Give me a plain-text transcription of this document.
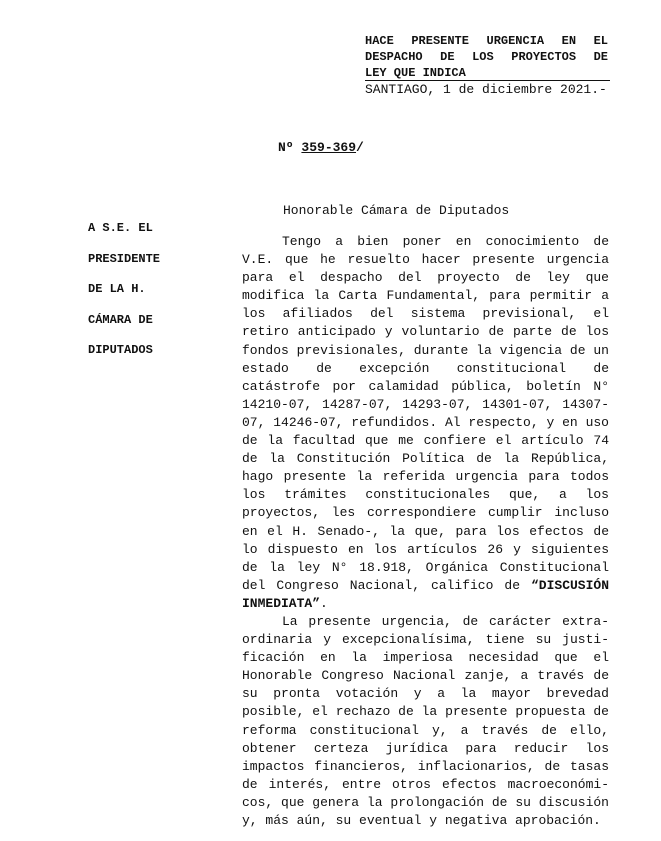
HACE PRESENTE URGENCIA EN EL
DESPACHO DE LOS PROYECTOS DE
LEY QUE INDICA
SANTIAGO, 1 de diciembre 2021.-
Nº 359-369/
Honorable Cámara de Diputados
A S.E. EL
PRESIDENTE
DE LA H.
CÁMARA DE
DIPUTADOS

Tengo a bien poner en conocimiento de V.E. que he resuelto hacer presente urgencia para el despacho del proyecto de ley que modifica la Carta Fundamental, para permitir a los afiliados del sistema previsional, el retiro anticipado y voluntario de parte de los fondos previsionales, durante la vigencia de un estado de excepción constitucional de catástrofe por calamidad pública, boletín N° 14210-07, 14287-07, 14293-07, 14301-07, 14307-07, 14246-07, refundidos. Al respecto, y en uso de la facultad que me confiere el artículo 74 de la Constitución Política de la República, hago presente la referida urgencia para todos los trámites constitucionales que, a los proyectos, les correspondiere cumplir incluso en el H. Senado-, la que, para los efectos de lo dispuesto en los artículos 26 y siguientes de la ley N° 18.918, Orgánica Constitucional del Congreso Nacional, califico de “DISCUSIÓN INMEDIATA”.

La presente urgencia, de carácter extraordinaria y excepcionalísima, tiene su justificación en la imperiosa necesidad que el Honorable Congreso Nacional zanje, a través de su pronta votación y a la mayor brevedad posible, el rechazo de la presente propuesta de reforma constitucional y, a través de ello, obtener certeza jurídica para reducir los impactos financieros, inflacionarios, de tasas de interés, entre otros efectos macroeconómicos, que genera la prolongación de su discusión y, más aún, su eventual y negativa aprobación.
